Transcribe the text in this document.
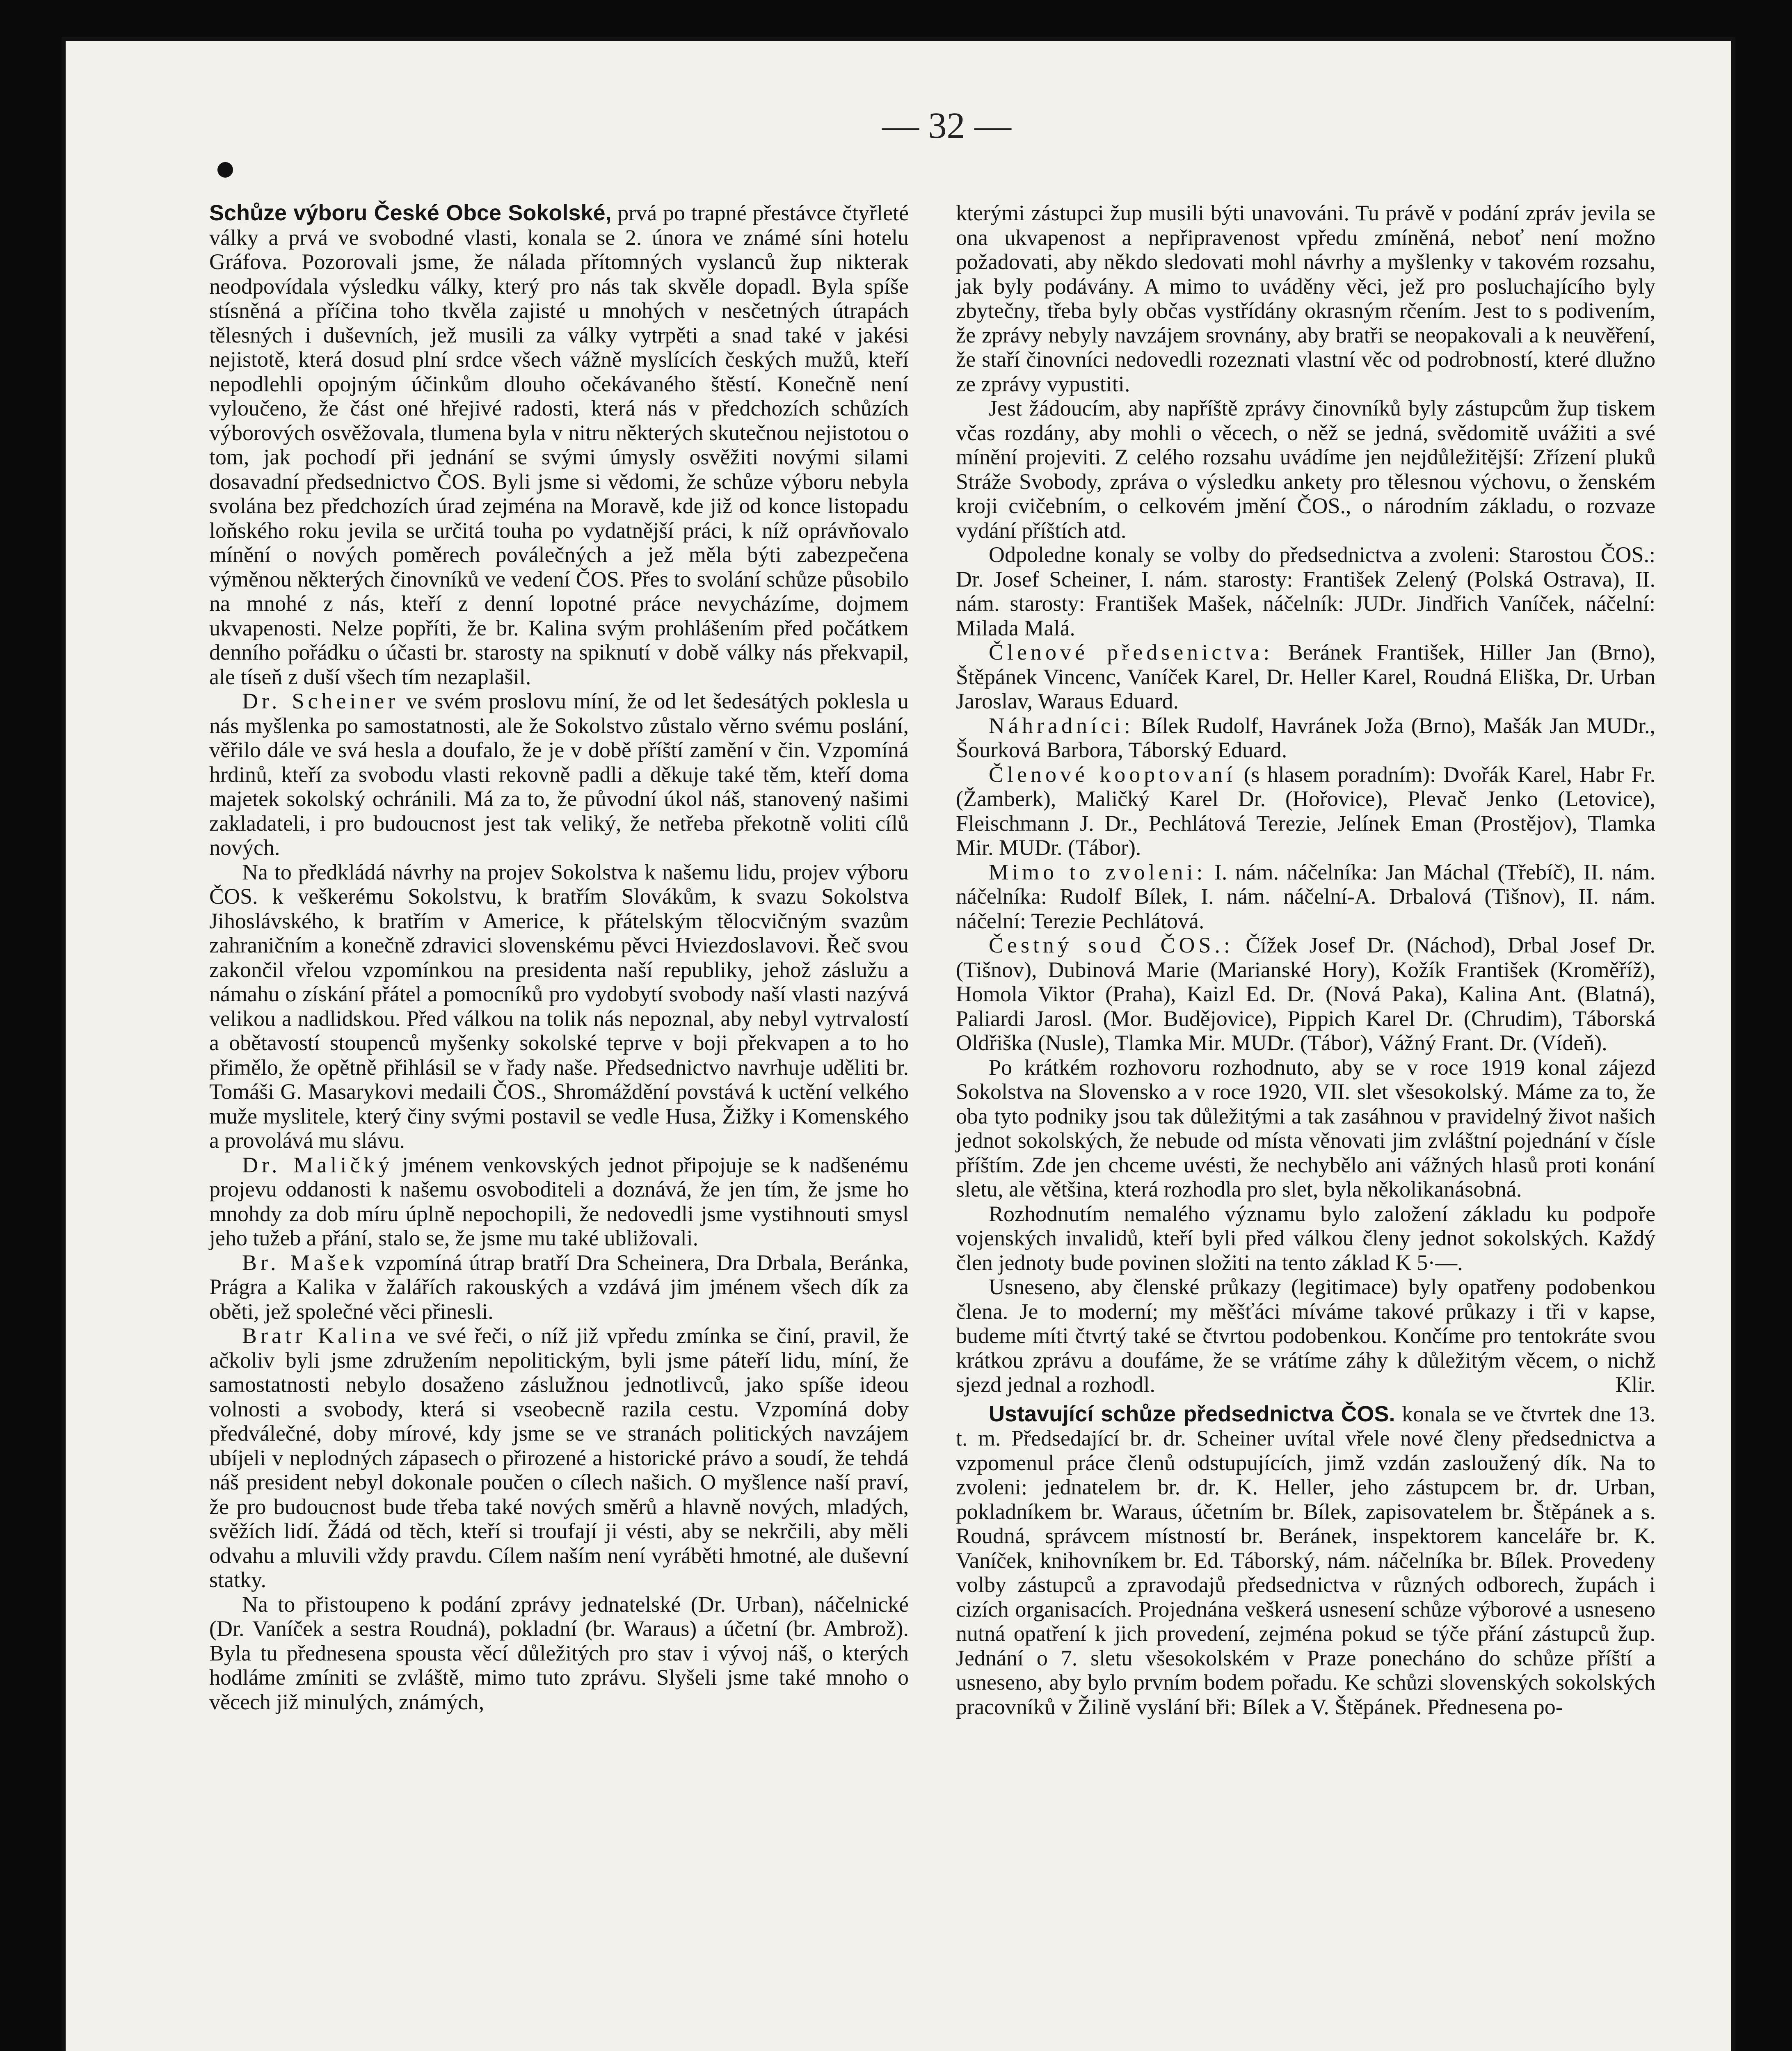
— 32 —

Schůze výboru České Obce Sokolské, prvá po trapné přestávce čtyřleté války a prvá ve svobodné vlasti, konala se 2. února ve známé síni hotelu Gráfova. Pozorovali jsme, že nálada přítomných vyslanců žup nikterak neodpovídala výsledku války, který pro nás tak skvěle dopadl. Byla spíše stísněná a příčina toho tkvěla zajisté u mnohých v nesčetných útrapách tělesných i duševních, jež musili za války vytrpěti a snad také v jakési nejistotě, která dosud plní srdce všech vážně myslících českých mužů, kteří nepodlehli opojným účinkům dlouho očekávaného štěstí. Konečně není vyloučeno, že část oné hřejivé radosti, která nás v předchozích schůzích výborových osvěžovala, tlumena byla v nitru některých skutečnou nejistotou o tom, jak pochodí při jednání se svými úmysly osvěžiti novými silami dosavadní předsednictvo ČOS. Byli jsme si vědomi, že schůze výboru nebyla svolána bez předchozích úrad zejména na Moravě, kde již od konce listopadu loňského roku jevila se určitá touha po vydatnější práci, k níž oprávňovalo mínění o nových poměrech poválečných a jež měla býti zabezpečena výměnou některých činovníků ve vedení ČOS. Přes to svolání schůze působilo na mnohé z nás, kteří z denní lopotné práce nevycházíme, dojmem ukvapenosti. Nelze popříti, že br. Kalina svým prohlášením před počátkem denního pořádku o účasti br. starosty na spiknutí v době války nás překvapil, ale tíseň z duší všech tím nezaplašil.

Dr. Scheiner ve svém proslovu míní, že od let šedesátých poklesla u nás myšlenka po samostatnosti, ale že Sokolstvo zůstalo věrno svému poslání, věřilo dále ve svá hesla a doufalo, že je v době příští zamění v čin. Vzpomíná hrdinů, kteří za svobodu vlasti rekovně padli a děkuje také těm, kteří doma majetek sokolský ochránili. Má za to, že původní úkol náš, stanovený našimi zakladateli, i pro budoucnost jest tak veliký, že netřeba překotně voliti cílů nových.

Na to předkládá návrhy na projev Sokolstva k našemu lidu, projev výboru ČOS. k veškerému Sokolstvu, k bratřím Slovákům, k svazu Sokolstva Jihoslávského, k bratřím v Americe, k přátelským tělocvičným svazům zahraničním a konečně zdravici slovenskému pěvci Hviezdoslavovi. Řeč svou zakončil vřelou vzpomínkou na presidenta naší republiky, jehož záslužu a námahu o získání přátel a pomocníků pro vydobytí svobody naší vlasti nazývá velikou a nadlidskou. Před válkou na tolik nás nepoznal, aby nebyl vytrvalostí a obětavostí stoupenců myšenky sokolské teprve v boji překvapen a to ho přimělo, že opětně přihlásil se v řady naše. Předsednictvo navrhuje uděliti br. Tomáši G. Masarykovi medaili ČOS., Shromáždění povstává k uctění velkého muže myslitele, který činy svými postavil se vedle Husa, Žižky i Komenského a provolává mu slávu.

Dr. Maličký jménem venkovských jednot připojuje se k nadšenému projevu oddanosti k našemu osvoboditeli a doznává, že jen tím, že jsme ho mnohdy za dob míru úplně nepochopili, že nedovedli jsme vystihnouti smysl jeho tužeb a přání, stalo se, že jsme mu také ubližovali.

Br. Mašek vzpomíná útrap bratří Dra Scheinera, Dra Drbala, Beránka, Prágra a Kalika v žalářích rakouských a vzdává jim jménem všech dík za oběti, jež společné věci přinesli.

Bratr Kalina ve své řeči, o níž již vpředu zmínka se činí, pravil, že ačkoliv byli jsme združením nepolitickým, byli jsme páteří lidu, míní, že samostatnosti nebylo dosaženo záslužnou jednotlivců, jako spíše ideou volnosti a svobody, která si vseobecně razila cestu. Vzpomíná doby předválečné, doby mírové, kdy jsme se ve stranách politických navzájem ubíjeli v neplodných zápasech o přirozené a historické právo a soudí, že tehdá náš president nebyl dokonale poučen o cílech našich. O myšlence naší praví, že pro budoucnost bude třeba také nových směrů a hlavně nových, mladých, svěžích lidí. Žádá od těch, kteří si troufají ji vésti, aby se nekrčili, aby měli odvahu a mluvili vždy pravdu. Cílem naším není vyráběti hmotné, ale duševní statky.

Na to přistoupeno k podání zprávy jednatelské (Dr. Urban), náčelnické (Dr. Vaníček a sestra Roudná), pokladní (br. Waraus) a účetní (br. Ambrož). Byla tu přednesena spousta věcí důležitých pro stav i vývoj náš, o kterých hodláme zmíniti se zvláště, mimo tuto zprávu. Slyšeli jsme také mnoho o věcech již minulých, známých,

kterými zástupci žup musili býti unavováni. Tu právě v podání zpráv jevila se ona ukvapenost a nepřipravenost vpředu zmíněná, neboť není možno požadovati, aby někdo sledovati mohl návrhy a myšlenky v takovém rozsahu, jak byly podávány. A mimo to uváděny věci, jež pro posluchajícího byly zbytečny, třeba byly občas vystřídány okrasným rčením. Jest to s podivením, že zprávy nebyly navzájem srovnány, aby bratři se neopakovali a k neuvěření, že staří činovníci nedovedli rozeznati vlastní věc od podrobností, které dlužno ze zprávy vypustiti.

Jest žádoucím, aby napříště zprávy činovníků byly zástupcům žup tiskem včas rozdány, aby mohli o věcech, o něž se jedná, svědomitě uvážiti a své mínění projeviti. Z celého rozsahu uvádíme jen nejdůležitější: Zřízení pluků Stráže Svobody, zpráva o výsledku ankety pro tělesnou výchovu, o ženském kroji cvičebním, o celkovém jmění ČOS., o národním základu, o rozvaze vydání příštích atd.

Odpoledne konaly se volby do předsednictva a zvoleni: Starostou ČOS.: Dr. Josef Scheiner, I. nám. starosty: František Zelený (Polská Ostrava), II. nám. starosty: František Mašek, náčelník: JUDr. Jindřich Vaníček, náčelní: Milada Malá.

Členové předsenictva: Beránek František, Hiller Jan (Brno), Štěpánek Vincenc, Vaníček Karel, Dr. Heller Karel, Roudná Eliška, Dr. Urban Jaroslav, Waraus Eduard.

Náhradníci: Bílek Rudolf, Havránek Joža (Brno), Mašák Jan MUDr., Šourková Barbora, Táborský Eduard.

Členové kooptovaní (s hlasem poradním): Dvořák Karel, Habr Fr. (Žamberk), Maličký Karel Dr. (Hořovice), Plevač Jenko (Letovice), Fleischmann J. Dr., Pechlátová Terezie, Jelínek Eman (Prostějov), Tlamka Mir. MUDr. (Tábor).

Mimo to zvoleni: I. nám. náčelníka: Jan Máchal (Třebíč), II. nám. náčelníka: Rudolf Bílek, I. nám. náčelní-A. Drbalová (Tišnov), II. nám. náčelní: Terezie Pechlátová.

Čestný soud ČOS.: Čížek Josef Dr. (Náchod), Drbal Josef Dr. (Tišnov), Dubinová Marie (Marianské Hory), Kožík František (Kroměříž), Homola Viktor (Praha), Kaizl Ed. Dr. (Nová Paka), Kalina Ant. (Blatná), Paliardi Jarosl. (Mor. Budějovice), Pippich Karel Dr. (Chrudim), Táborská Oldřiška (Nusle), Tlamka Mir. MUDr. (Tábor), Vážný Frant. Dr. (Vídeň).

Po krátkém rozhovoru rozhodnuto, aby se v roce 1919 konal zájezd Sokolstva na Slovensko a v roce 1920, VII. slet všesokolský. Máme za to, že oba tyto podniky jsou tak důležitými a tak zasáhnou v pravidelný život našich jednot sokolských, že nebude od místa věnovati jim zvláštní pojednání v čísle příštím. Zde jen chceme uvésti, že nechybělo ani vážných hlasů proti konání sletu, ale většina, která rozhodla pro slet, byla několikanásobná.

Rozhodnutím nemalého významu bylo založení základu ku podpoře vojenských invalidů, kteří byli před válkou členy jednot sokolských. Každý člen jednoty bude povinen složiti na tento základ K 5·—.

Usneseno, aby členské průkazy (legitimace) byly opatřeny podobenkou člena. Je to moderní; my měšťáci míváme takové průkazy i tři v kapse, budeme míti čtvrtý také se čtvrtou podobenkou. Končíme pro tentokráte svou krátkou zprávu a doufáme, že se vrátíme záhy k důležitým věcem, o nichž sjezd jednal a rozhodl.	Klir.

Ustavující schůze předsednictva ČOS. konala se ve čtvrtek dne 13. t. m. Předsedající br. dr. Scheiner uvítal vřele nové členy předsednictva a vzpomenul práce členů odstupujících, jimž vzdán zasloužený dík. Na to zvoleni: jednatelem br. dr. K. Heller, jeho zástupcem br. dr. Urban, pokladníkem br. Waraus, účetním br. Bílek, zapisovatelem br. Štěpánek a s. Roudná, správcem místností br. Beránek, inspektorem kanceláře br. K. Vaníček, knihovníkem br. Ed. Táborský, nám. náčelníka br. Bílek. Provedeny volby zástupců a zpravodajů předsednictva v různých odborech, župách i cizích organisacích. Projednána veškerá usnesení schůze výborové a usneseno nutná opatření k jich provedení, zejména pokud se týče přání zástupců žup. Jednání o 7. sletu všesokolském v Praze ponecháno do schůze příští a usneseno, aby bylo prvním bodem pořadu. Ke schůzi slovenských sokolských pracovníků v Žilině vyslání bři: Bílek a V. Štěpánek. Přednesena po-
